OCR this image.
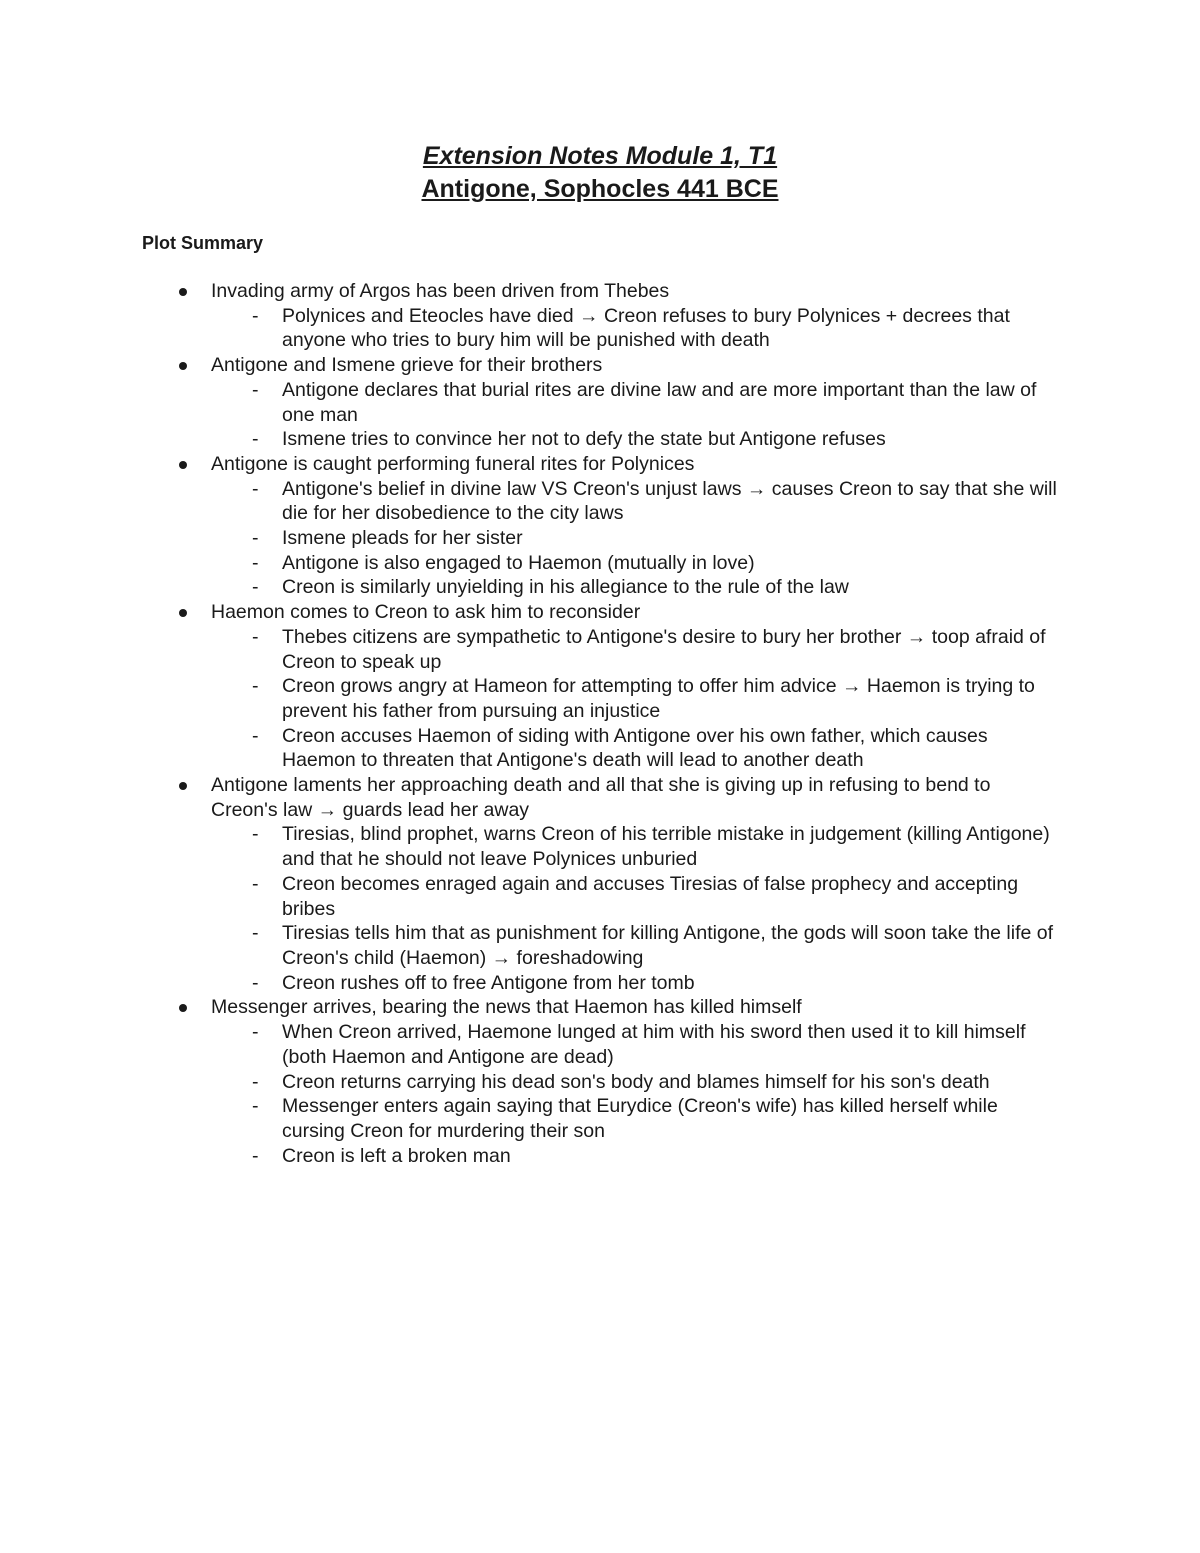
Extension Notes Module 1, T1

Antigone, Sophocles 441 BCE

Plot Summary

Invading army of Argos has been driven from Thebes

- Polynices and Eteocles have died → Creon refuses to bury Polynices + decrees that anyone who tries to bury him will be punished with death

Antigone and Ismene grieve for their brothers

- Antigone declares that burial rites are divine law and are more important than the law of one man

- Ismene tries to convince her not to defy the state but Antigone refuses

Antigone is caught performing funeral rites for Polynices

- Antigone's belief in divine law VS Creon's unjust laws → causes Creon to say that she will die for her disobedience to the city laws

- Ismene pleads for her sister

- Antigone is also engaged to Haemon (mutually in love)

- Creon is similarly unyielding in his allegiance to the rule of the law

Haemon comes to Creon to ask him to reconsider

- Thebes citizens are sympathetic to Antigone's desire to bury her brother → toop afraid of Creon to speak up

- Creon grows angry at Hameon for attempting to offer him advice → Haemon is trying to prevent his father from pursuing an injustice

- Creon accuses Haemon of siding with Antigone over his own father, which causes Haemon to threaten that Antigone's death will lead to another death

Antigone laments her approaching death and all that she is giving up in refusing to bend to Creon's law → guards lead her away

- Tiresias, blind prophet, warns Creon of his terrible mistake in judgement (killing Antigone) and that he should not leave Polynices unburied

- Creon becomes enraged again and accuses Tiresias of false prophecy and accepting bribes

- Tiresias tells him that as punishment for killing Antigone, the gods will soon take the life of Creon's child (Haemon) → foreshadowing

- Creon rushes off to free Antigone from her tomb

Messenger arrives, bearing the news that Haemon has killed himself

- When Creon arrived, Haemone lunged at him with his sword then used it to kill himself (both Haemon and Antigone are dead)

- Creon returns carrying his dead son's body and blames himself for his son's death

- Messenger enters again saying that Eurydice (Creon's wife) has killed herself while cursing Creon for murdering their son

- Creon is left a broken man
